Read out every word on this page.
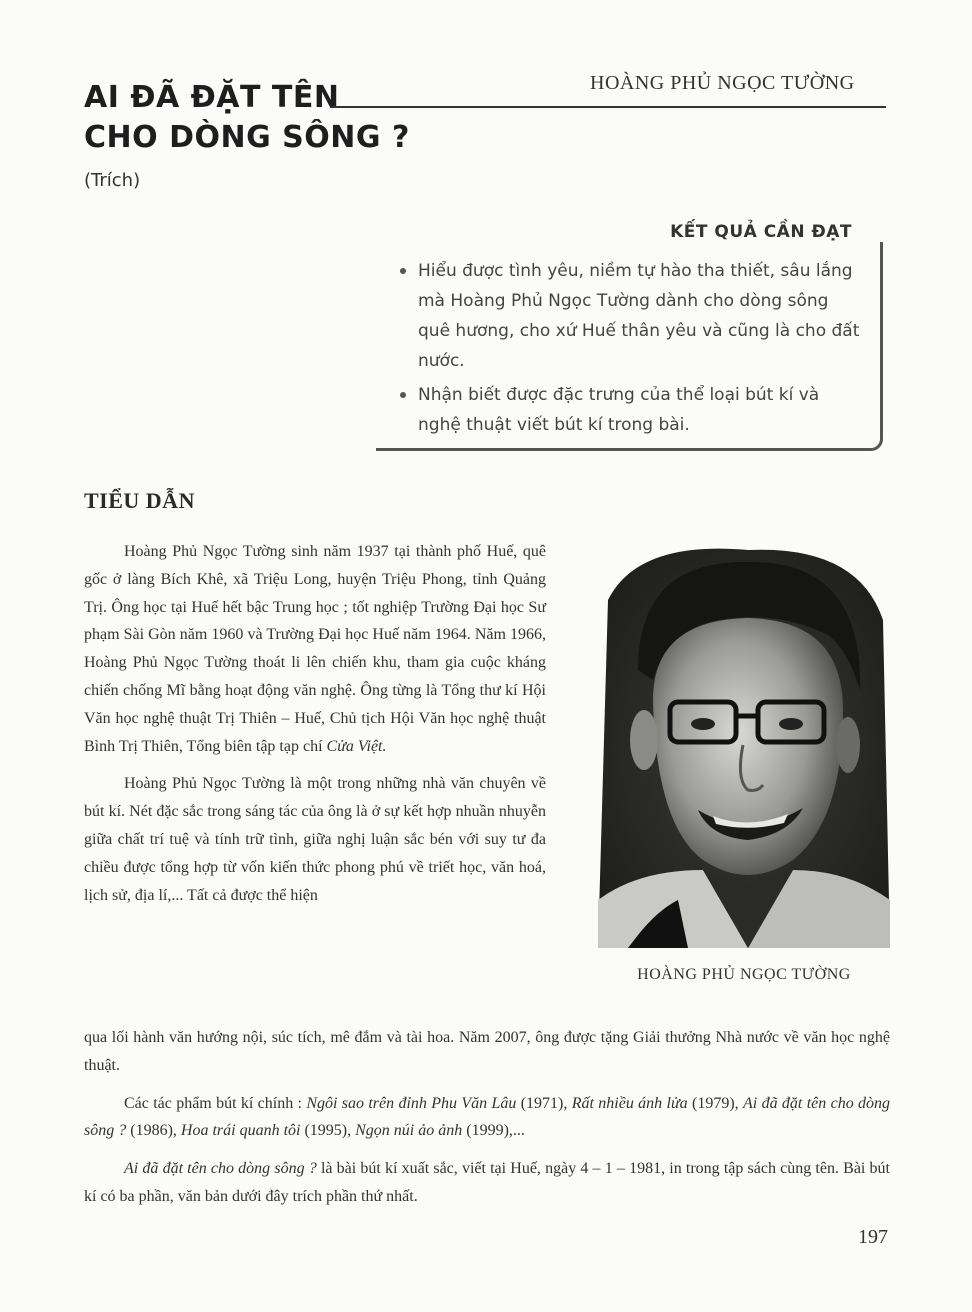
AI ĐÃ ĐẶT TÊN
CHO DÒNG SÔNG ?
HOÀNG PHỦ NGỌC TƯỜNG
(Trích)
KẾT QUẢ CẦN ĐẠT
Hiểu được tình yêu, niềm tự hào tha thiết, sâu lắng mà Hoàng Phủ Ngọc Tường dành cho dòng sông quê hương, cho xứ Huế thân yêu và cũng là cho đất nước.
Nhận biết được đặc trưng của thể loại bút kí và nghệ thuật viết bút kí trong bài.
TIỂU DẪN

Hoàng Phủ Ngọc Tường sinh năm 1937 tại thành phố Huế, quê gốc ở làng Bích Khê, xã Triệu Long, huyện Triệu Phong, tỉnh Quảng Trị. Ông học tại Huế hết bậc Trung học ; tốt nghiệp Trường Đại học Sư phạm Sài Gòn năm 1960 và Trường Đại học Huế năm 1964. Năm 1966, Hoàng Phủ Ngọc Tường thoát li lên chiến khu, tham gia cuộc kháng chiến chống Mĩ bằng hoạt động văn nghệ. Ông từng là Tổng thư kí Hội Văn học nghệ thuật Trị Thiên – Huế, Chủ tịch Hội Văn học nghệ thuật Bình Trị Thiên, Tổng biên tập tạp chí Cửa Việt.

Hoàng Phủ Ngọc Tường là một trong những nhà văn chuyên về bút kí. Nét đặc sắc trong sáng tác của ông là ở sự kết hợp nhuần nhuyễn giữa chất trí tuệ và tính trữ tình, giữa nghị luận sắc bén với suy tư đa chiều được tổng hợp từ vốn kiến thức phong phú về triết học, văn hoá, lịch sử, địa lí,... Tất cả được thể hiện

HOÀNG PHỦ NGỌC TƯỜNG

qua lối hành văn hướng nội, súc tích, mê đắm và tài hoa. Năm 2007, ông được tặng Giải thưởng Nhà nước về văn học nghệ thuật.

Các tác phẩm bút kí chính : Ngôi sao trên đỉnh Phu Văn Lâu (1971), Rất nhiều ánh lửa (1979), Ai đã đặt tên cho dòng sông ? (1986), Hoa trái quanh tôi (1995), Ngọn núi ảo ảnh (1999),...

Ai đã đặt tên cho dòng sông ? là bài bút kí xuất sắc, viết tại Huế, ngày 4 – 1 – 1981, in trong tập sách cùng tên. Bài bút kí có ba phần, văn bản dưới đây trích phần thứ nhất.

197
